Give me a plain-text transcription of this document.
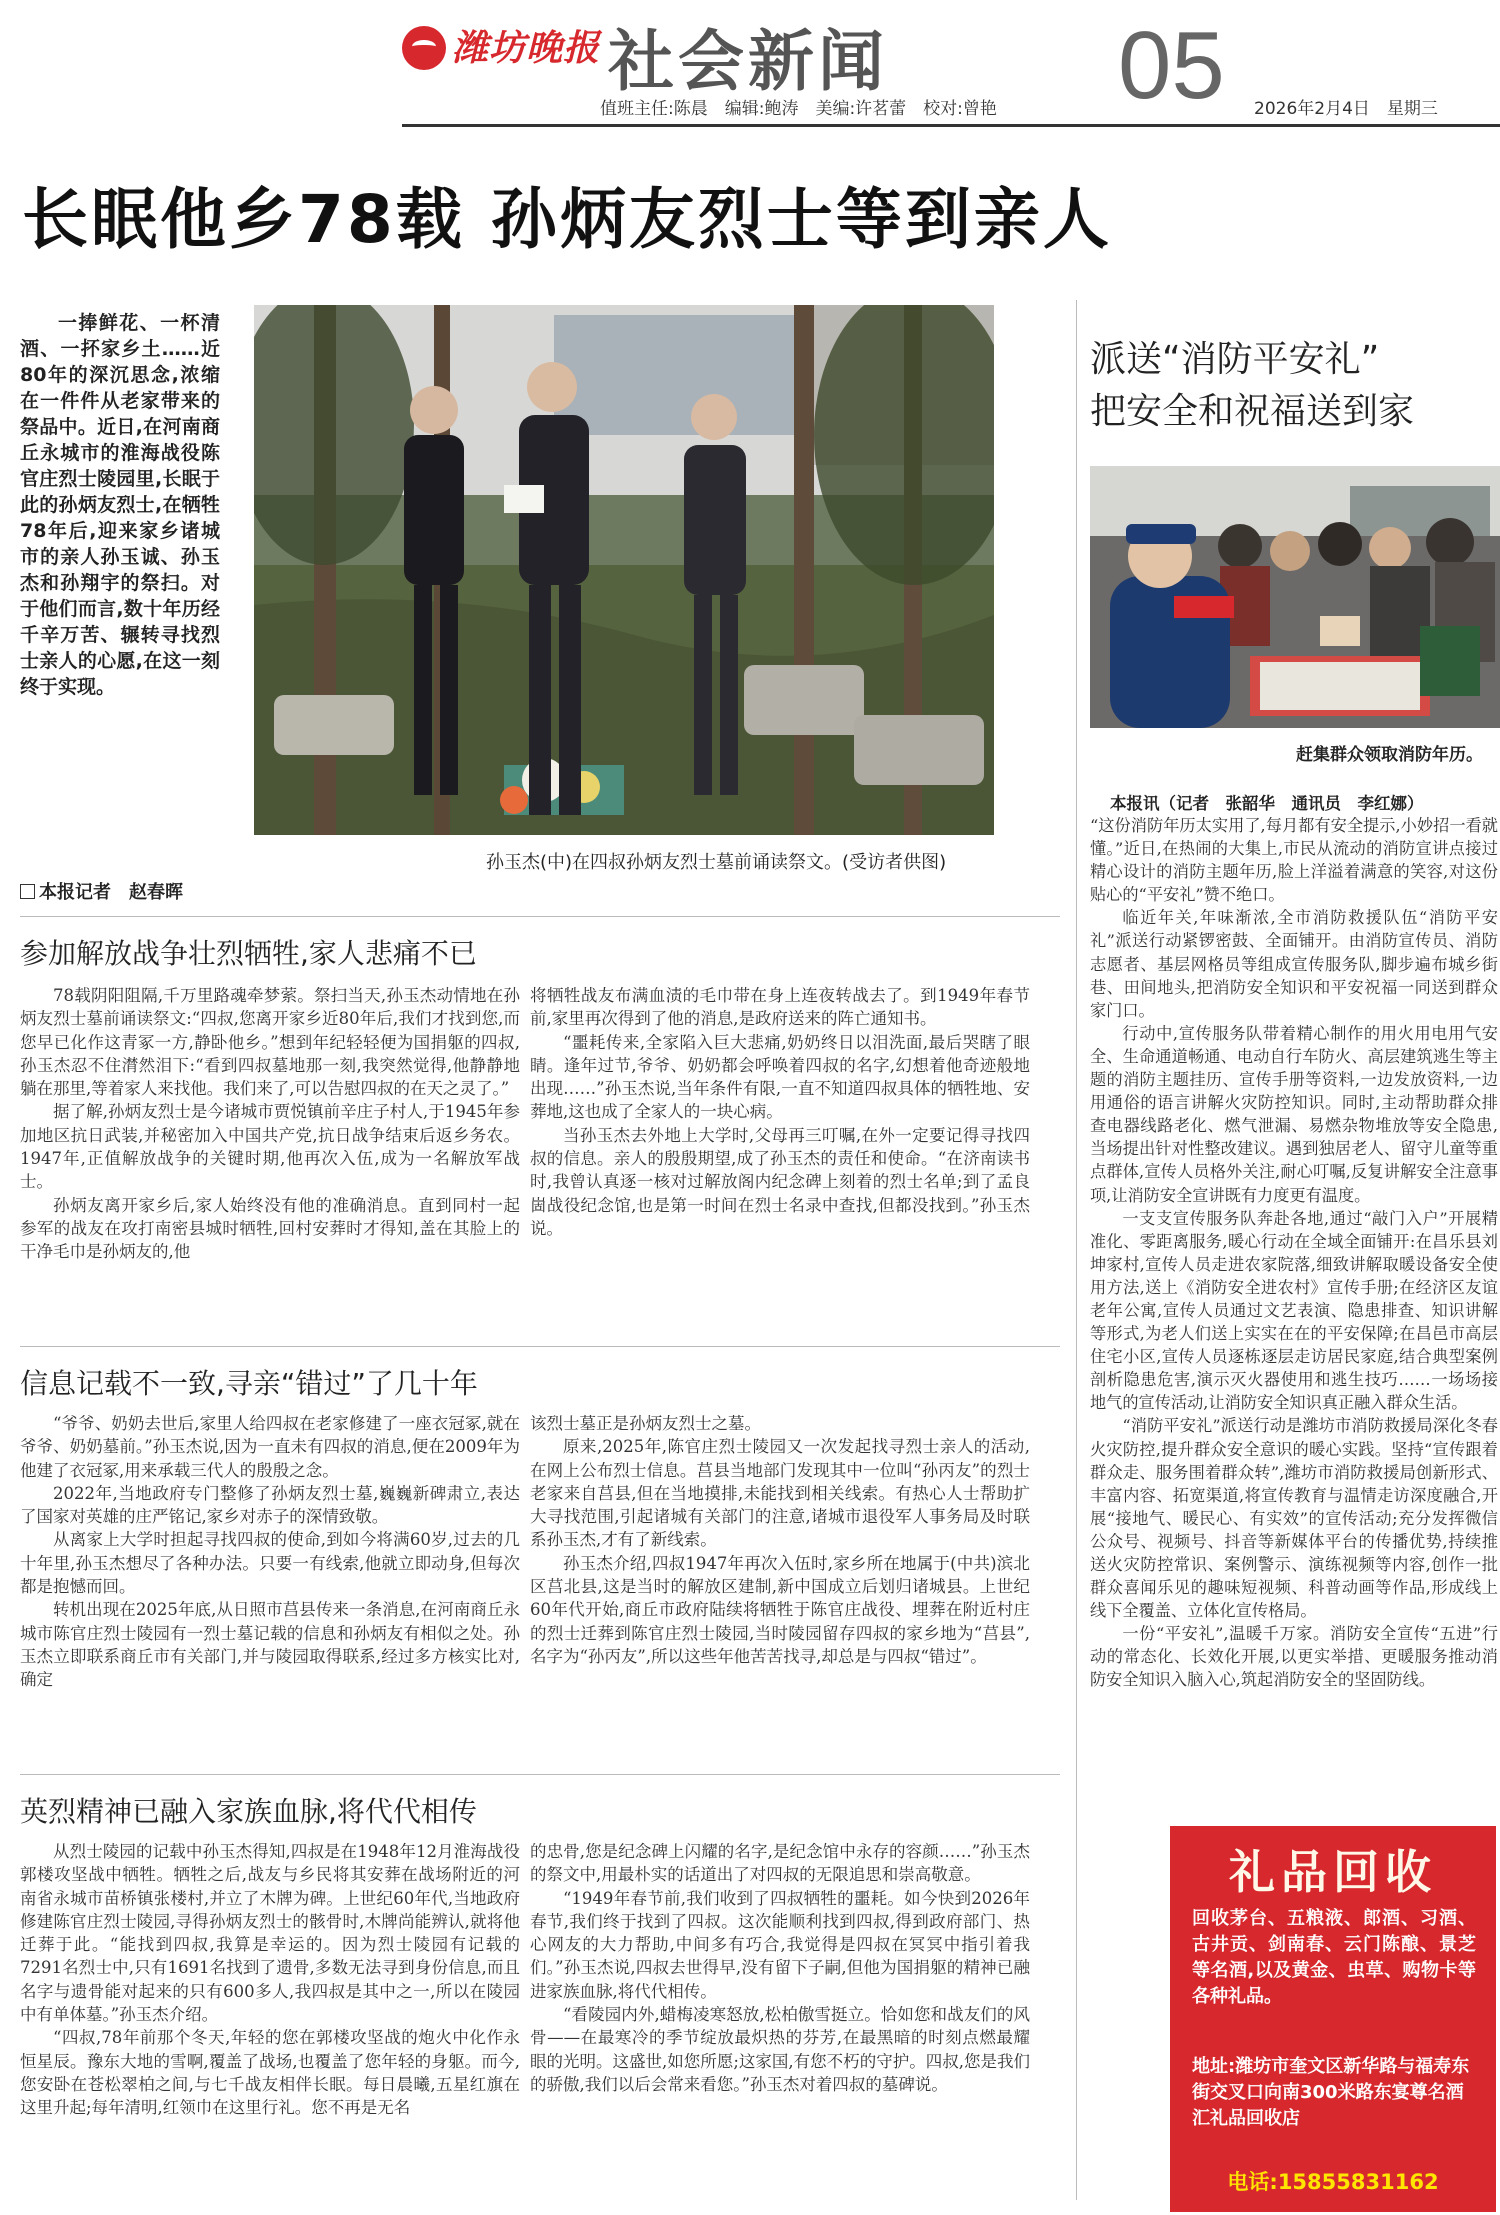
潍坊晚报 社会新闻 05
值班主任:陈晨　编辑:鲍涛　美编:许茗蕾　校对:曾艳	2026年2月4日　星期三
长眠他乡78载 孙炳友烈士等到亲人

一捧鲜花、一杯清酒、一抔家乡土……近80年的深沉思念,浓缩在一件件从老家带来的祭品中。近日,在河南商丘永城市的淮海战役陈官庄烈士陵园里,长眠于此的孙炳友烈士,在牺牲78年后,迎来家乡诸城市的亲人孙玉诚、孙玉杰和孙翔宇的祭扫。对于他们而言,数十年历经千辛万苦、辗转寻找烈士亲人的心愿,在这一刻终于实现。

本报记者　赵春晖
孙玉杰(中)在四叔孙炳友烈士墓前诵读祭文。(受访者供图)
参加解放战争壮烈牺牲,家人悲痛不已

78载阴阳阻隔,千万里路魂牵梦萦。祭扫当天,孙玉杰动情地在孙炳友烈士墓前诵读祭文:“四叔,您离开家乡近80年后,我们才找到您,而您早已化作这青冢一方,静卧他乡。”想到年纪轻轻便为国捐躯的四叔,孙玉杰忍不住潸然泪下:“看到四叔墓地那一刻,我突然觉得,他静静地躺在那里,等着家人来找他。我们来了,可以告慰四叔的在天之灵了。”

据了解,孙炳友烈士是今诸城市贾悦镇前辛庄子村人,于1945年参加地区抗日武装,并秘密加入中国共产党,抗日战争结束后返乡务农。1947年,正值解放战争的关键时期,他再次入伍,成为一名解放军战士。

孙炳友离开家乡后,家人始终没有他的准确消息。直到同村一起参军的战友在攻打南密县城时牺牲,回村安葬时才得知,盖在其脸上的干净毛巾是孙炳友的,他

将牺牲战友布满血渍的毛巾带在身上连夜转战去了。到1949年春节前,家里再次得到了他的消息,是政府送来的阵亡通知书。

“噩耗传来,全家陷入巨大悲痛,奶奶终日以泪洗面,最后哭瞎了眼睛。逢年过节,爷爷、奶奶都会呼唤着四叔的名字,幻想着他奇迹般地出现……”孙玉杰说,当年条件有限,一直不知道四叔具体的牺牲地、安葬地,这也成了全家人的一块心病。

当孙玉杰去外地上大学时,父母再三叮嘱,在外一定要记得寻找四叔的信息。亲人的殷殷期望,成了孙玉杰的责任和使命。“在济南读书时,我曾认真逐一核对过解放阁内纪念碑上刻着的烈士名单;到了孟良崮战役纪念馆,也是第一时间在烈士名录中查找,但都没找到。”孙玉杰说。

信息记载不一致,寻亲“错过”了几十年

“爷爷、奶奶去世后,家里人给四叔在老家修建了一座衣冠冢,就在爷爷、奶奶墓前。”孙玉杰说,因为一直未有四叔的消息,便在2009年为他建了衣冠冢,用来承载三代人的殷殷之念。

2022年,当地政府专门整修了孙炳友烈士墓,巍巍新碑肃立,表达了国家对英雄的庄严铭记,家乡对赤子的深情致敬。

从离家上大学时担起寻找四叔的使命,到如今将满60岁,过去的几十年里,孙玉杰想尽了各种办法。只要一有线索,他就立即动身,但每次都是抱憾而回。

转机出现在2025年底,从日照市莒县传来一条消息,在河南商丘永城市陈官庄烈士陵园有一烈士墓记载的信息和孙炳友有相似之处。孙玉杰立即联系商丘市有关部门,并与陵园取得联系,经过多方核实比对,确定

该烈士墓正是孙炳友烈士之墓。

原来,2025年,陈官庄烈士陵园又一次发起找寻烈士亲人的活动,在网上公布烈士信息。莒县当地部门发现其中一位叫“孙丙友”的烈士老家来自莒县,但在当地摸排,未能找到相关线索。有热心人士帮助扩大寻找范围,引起诸城有关部门的注意,诸城市退役军人事务局及时联系孙玉杰,才有了新线索。

孙玉杰介绍,四叔1947年再次入伍时,家乡所在地属于(中共)滨北区莒北县,这是当时的解放区建制,新中国成立后划归诸城县。上世纪60年代开始,商丘市政府陆续将牺牲于陈官庄战役、埋葬在附近村庄的烈士迁葬到陈官庄烈士陵园,当时陵园留存四叔的家乡地为“莒县”,名字为“孙丙友”,所以这些年他苦苦找寻,却总是与四叔“错过”。

英烈精神已融入家族血脉,将代代相传

从烈士陵园的记载中孙玉杰得知,四叔是在1948年12月淮海战役郭楼攻坚战中牺牲。牺牲之后,战友与乡民将其安葬在战场附近的河南省永城市苗桥镇张楼村,并立了木牌为碑。上世纪60年代,当地政府修建陈官庄烈士陵园,寻得孙炳友烈士的骸骨时,木牌尚能辨认,就将他迁葬于此。“能找到四叔,我算是幸运的。因为烈士陵园有记载的7291名烈士中,只有1691名找到了遗骨,多数无法寻到身份信息,而且名字与遗骨能对起来的只有600多人,我四叔是其中之一,所以在陵园中有单体墓。”孙玉杰介绍。

“四叔,78年前那个冬天,年轻的您在郭楼攻坚战的炮火中化作永恒星辰。豫东大地的雪啊,覆盖了战场,也覆盖了您年轻的身躯。而今,您安卧在苍松翠柏之间,与七千战友相伴长眠。每日晨曦,五星红旗在这里升起;每年清明,红领巾在这里行礼。您不再是无名

的忠骨,您是纪念碑上闪耀的名字,是纪念馆中永存的容颜……”孙玉杰的祭文中,用最朴实的话道出了对四叔的无限追思和崇高敬意。

“1949年春节前,我们收到了四叔牺牲的噩耗。如今快到2026年春节,我们终于找到了四叔。这次能顺利找到四叔,得到政府部门、热心网友的大力帮助,中间多有巧合,我觉得是四叔在冥冥中指引着我们。”孙玉杰说,四叔去世得早,没有留下子嗣,但他为国捐躯的精神已融进家族血脉,将代代相传。

“看陵园内外,蜡梅凌寒怒放,松柏傲雪挺立。恰如您和战友们的风骨——在最寒冷的季节绽放最炽热的芬芳,在最黑暗的时刻点燃最耀眼的光明。这盛世,如您所愿;这家国,有您不朽的守护。四叔,您是我们的骄傲,我们以后会常来看您。”孙玉杰对着四叔的墓碑说。

派送“消防平安礼”
把安全和祝福送到家
赶集群众领取消防年历。
本报讯（记者　张韶华　通讯员　李红娜）

“这份消防年历太实用了,每月都有安全提示,小妙招一看就懂。”近日,在热闹的大集上,市民从流动的消防宣讲点接过精心设计的消防主题年历,脸上洋溢着满意的笑容,对这份贴心的“平安礼”赞不绝口。

临近年关,年味渐浓,全市消防救援队伍“消防平安礼”派送行动紧锣密鼓、全面铺开。由消防宣传员、消防志愿者、基层网格员等组成宣传服务队,脚步遍布城乡街巷、田间地头,把消防安全知识和平安祝福一同送到群众家门口。

行动中,宣传服务队带着精心制作的用火用电用气安全、生命通道畅通、电动自行车防火、高层建筑逃生等主题的消防主题挂历、宣传手册等资料,一边发放资料,一边用通俗的语言讲解火灾防控知识。同时,主动帮助群众排查电器线路老化、燃气泄漏、易燃杂物堆放等安全隐患,当场提出针对性整改建议。遇到独居老人、留守儿童等重点群体,宣传人员格外关注,耐心叮嘱,反复讲解安全注意事项,让消防安全宣讲既有力度更有温度。

一支支宣传服务队奔赴各地,通过“敲门入户”开展精准化、零距离服务,暖心行动在全域全面铺开:在昌乐县刘坤家村,宣传人员走进农家院落,细致讲解取暖设备安全使用方法,送上《消防安全进农村》宣传手册;在经济区友谊老年公寓,宣传人员通过文艺表演、隐患排查、知识讲解等形式,为老人们送上实实在在的平安保障;在昌邑市高层住宅小区,宣传人员逐栋逐层走访居民家庭,结合典型案例剖析隐患危害,演示灭火器使用和逃生技巧……一场场接地气的宣传活动,让消防安全知识真正融入群众生活。

“消防平安礼”派送行动是潍坊市消防救援局深化冬春火灾防控,提升群众安全意识的暖心实践。坚持“宣传跟着群众走、服务围着群众转”,潍坊市消防救援局创新形式、丰富内容、拓宽渠道,将宣传教育与温情走访深度融合,开展“接地气、暖民心、有实效”的宣传活动;充分发挥微信公众号、视频号、抖音等新媒体平台的传播优势,持续推送火灾防控常识、案例警示、演练视频等内容,创作一批群众喜闻乐见的趣味短视频、科普动画等作品,形成线上线下全覆盖、立体化宣传格局。

一份“平安礼”,温暖千万家。消防安全宣传“五进”行动的常态化、长效化开展,以更实举措、更暖服务推动消防安全知识入脑入心,筑起消防安全的坚固防线。

礼品回收
回收茅台、五粮液、郎酒、习酒、古井贡、剑南春、云门陈酿、景芝等名酒,以及黄金、虫草、购物卡等各种礼品。
地址:潍坊市奎文区新华路与福寿东街交叉口向南300米路东宴尊名酒汇礼品回收店
电话:15855831162
